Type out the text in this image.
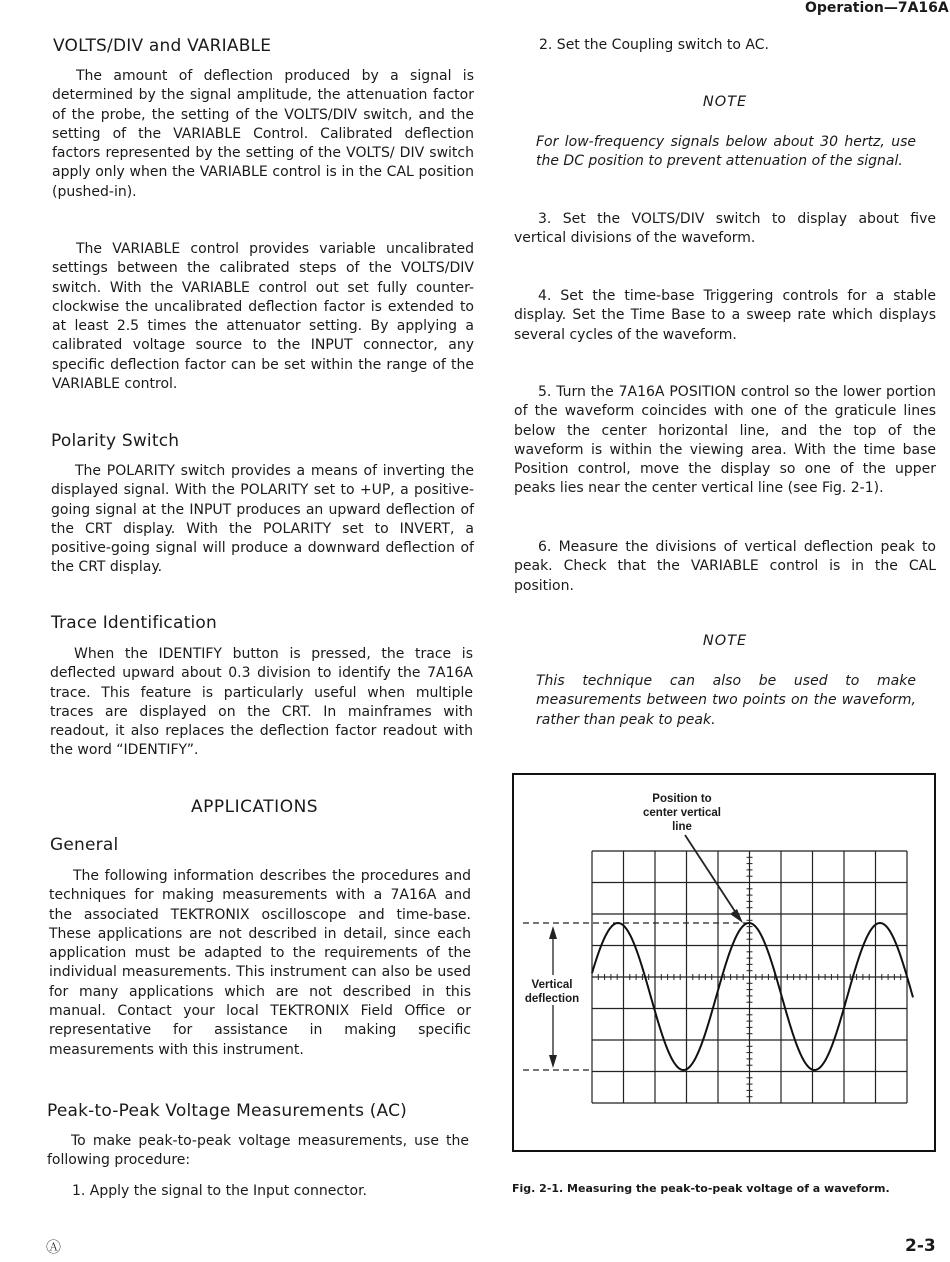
Operation—7A16A
VOLTS/DIV and VARIABLE

The amount of deflection produced by a signal is determined by the signal amplitude, the attenuation factor of the probe, the setting of the VOLTS/DIV switch, and the setting of the VARIABLE Control. Calibrated deflection factors represented by the setting of the VOLTS/ DIV switch apply only when the VARIABLE control is in the CAL position (pushed-in).

The VARIABLE control provides variable uncalibrated settings between the calibrated steps of the VOLTS/DIV switch. With the VARIABLE control out set fully counter-clockwise the uncalibrated deflection factor is extended to at least 2.5 times the attenuator setting. By applying a calibrated voltage source to the INPUT connector, any specific deflection factor can be set within the range of the VARIABLE control.

Polarity Switch

The POLARITY switch provides a means of inverting the displayed signal. With the POLARITY set to +UP, a positive-going signal at the INPUT produces an upward deflection of the CRT display. With the POLARITY set to INVERT, a positive-going signal will produce a downward deflection of the CRT display.

Trace Identification

When the IDENTIFY button is pressed, the trace is deflected upward about 0.3 division to identify the 7A16A trace. This feature is particularly useful when multiple traces are displayed on the CRT. In mainframes with readout, it also replaces the deflection factor readout with the word “IDENTIFY”.

APPLICATIONS
General

The following information describes the procedures and techniques for making measurements with a 7A16A and the associated TEKTRONIX oscilloscope and time-base. These applications are not described in detail, since each application must be adapted to the requirements of the individual measurements. This instrument can also be used for many applications which are not described in this manual. Contact your local TEKTRONIX Field Office or representative for assistance in making specific measurements with this instrument.

Peak-to-Peak Voltage Measurements (AC)

To make peak-to-peak voltage measurements, use the following procedure:

1. Apply the signal to the Input connector.

2. Set the Coupling switch to AC.

NOTE

For low-frequency signals below about 30 hertz, use the DC position to prevent attenuation of the signal.

3. Set the VOLTS/DIV switch to display about five vertical divisions of the waveform.

4. Set the time-base Triggering controls for a stable display. Set the Time Base to a sweep rate which displays several cycles of the waveform.

5. Turn the 7A16A POSITION control so the lower portion of the waveform coincides with one of the graticule lines below the center horizontal line, and the top of the waveform is within the viewing area. With the time base Position control, move the display so one of the upper peaks lies near the center vertical line (see Fig. 2-1).

6. Measure the divisions of vertical deflection peak to peak. Check that the VARIABLE control is in the CAL position.

NOTE

This technique can also be used to make measurements between two points on the waveform, rather than peak to peak.

Position to
center vertical
line
Vertical
deflection
Fig. 2-1. Measuring the peak-to-peak voltage of a waveform.
Ⓐ	2-3
